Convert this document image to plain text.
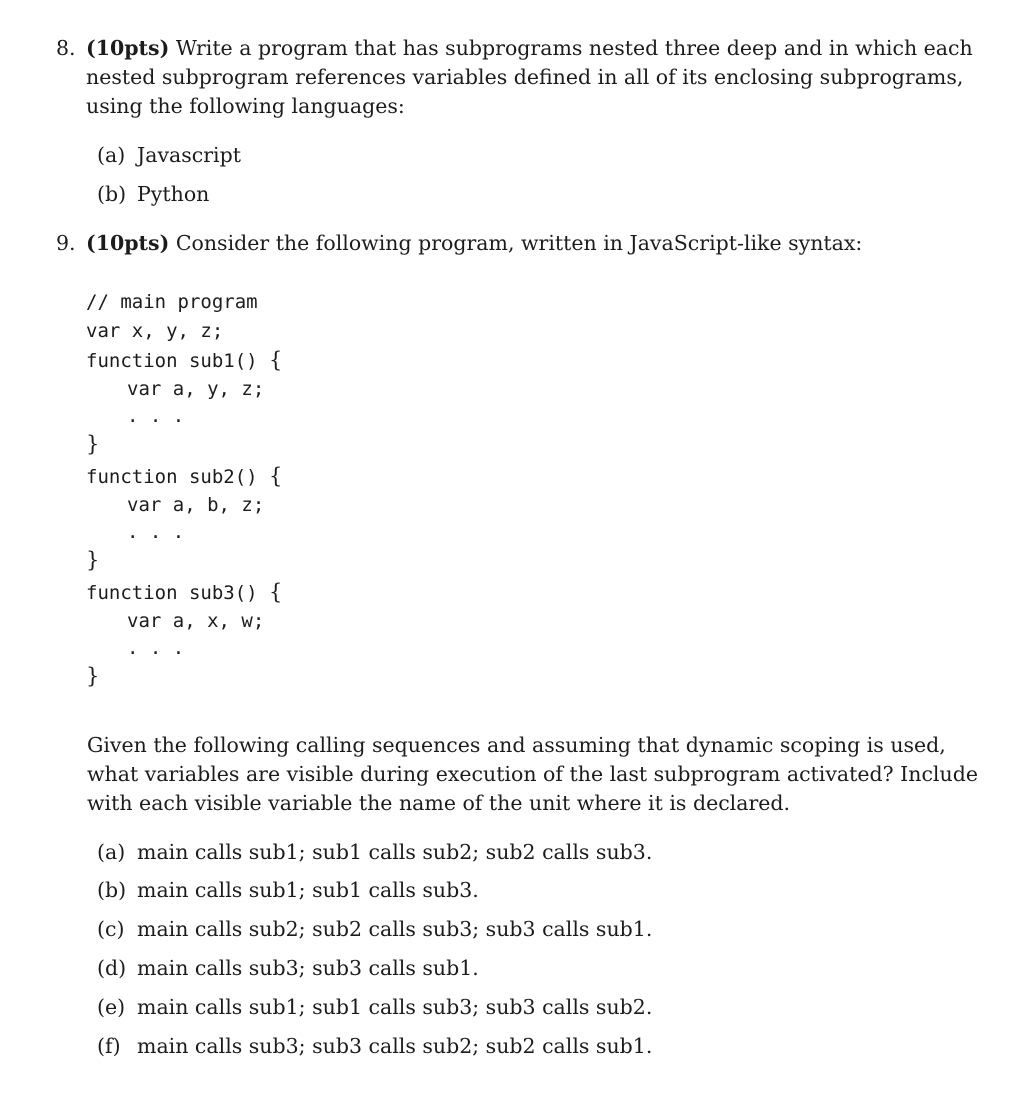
8. (10pts) Write a program that has subprograms nested three deep and in which each
nested subprogram references variables defined in all of its enclosing subprograms,
using the following languages:
(a) Javascript
(b) Python
9. (10pts) Consider the following program, written in JavaScript-like syntax:
// main program
var x, y, z;
function sub1() {
var a, y, z;
. . .
}
function sub2() {
var a, b, z;
. . .
}
function sub3() {
var a, x, w;
. . .
}
Given the following calling sequences and assuming that dynamic scoping is used,
what variables are visible during execution of the last subprogram activated? Include
with each visible variable the name of the unit where it is declared.
(a) main calls sub1; sub1 calls sub2; sub2 calls sub3.
(b) main calls sub1; sub1 calls sub3.
(c) main calls sub2; sub2 calls sub3; sub3 calls sub1.
(d) main calls sub3; sub3 calls sub1.
(e) main calls sub1; sub1 calls sub3; sub3 calls sub2.
(f) main calls sub3; sub3 calls sub2; sub2 calls sub1.
